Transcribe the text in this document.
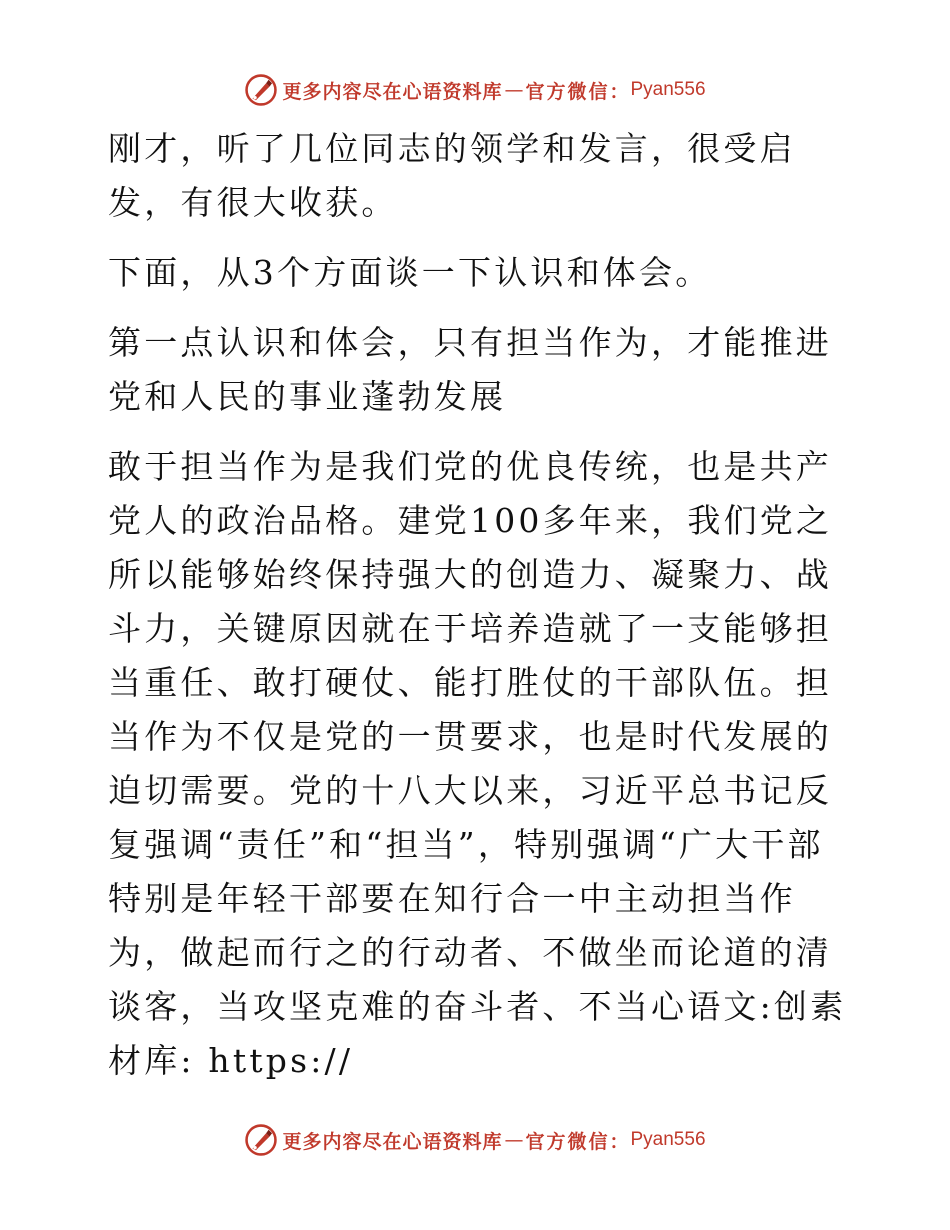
更多内容尽在心语资料库 — 官方微信： Pyan556

刚才，听了几位同志的领学和发言，很受启发，有很大收获。

下面，从3个方面谈一下认识和体会。

第一点认识和体会，只有担当作为，才能推进党和人民的事业蓬勃发展

敢于担当作为是我们党的优良传统，也是共产党人的政治品格。建党100多年来，我们党之所以能够始终保持强大的创造力、凝聚力、战斗力，关键原因就在于培养造就了一支能够担当重任、敢打硬仗、能打胜仗的干部队伍。担当作为不仅是党的一贯要求，也是时代发展的迫切需要。党的十八大以来，习近平总书记反复强调“责任”和“担当”，特别强调“广大干部特别是年轻干部要在知行合一中主动担当作为，做起而行之的行动者、不做坐而论道的清谈客，当攻坚克难的奋斗者、不当心语文:创素材库: https://

更多内容尽在心语资料库 — 官方微信： Pyan556
